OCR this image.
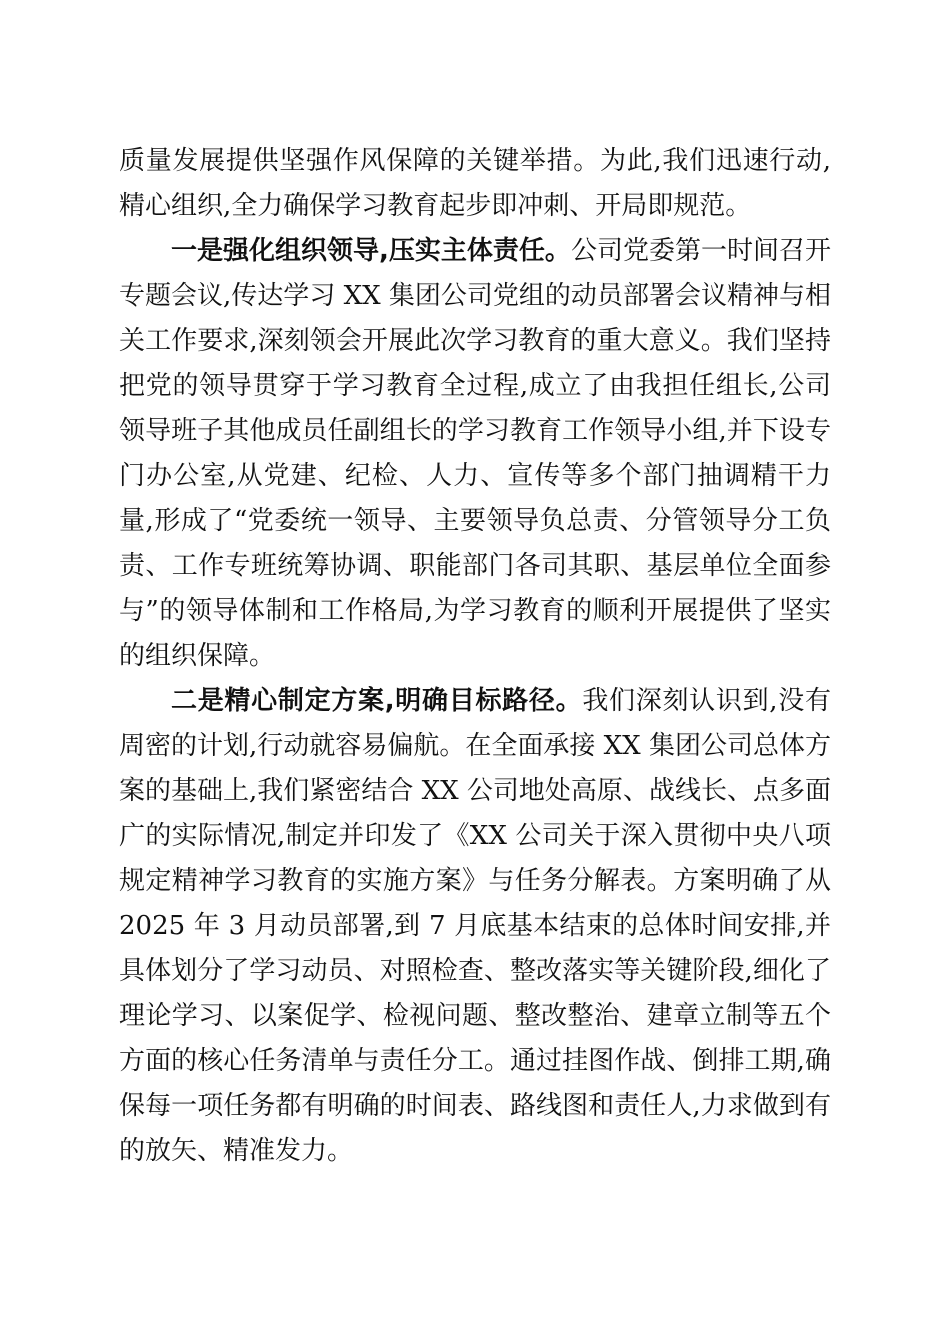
质量发展提供坚强作风保障的关键举措。为此,我们迅速行动,精心组织,全力确保学习教育起步即冲刺、开局即规范。

一是强化组织领导,压实主体责任。公司党委第一时间召开专题会议,传达学习 XX 集团公司党组的动员部署会议精神与相关工作要求,深刻领会开展此次学习教育的重大意义。我们坚持把党的领导贯穿于学习教育全过程,成立了由我担任组长,公司领导班子其他成员任副组长的学习教育工作领导小组,并下设专门办公室,从党建、纪检、人力、宣传等多个部门抽调精干力量,形成了“党委统一领导、主要领导负总责、分管领导分工负责、工作专班统筹协调、职能部门各司其职、基层单位全面参与”的领导体制和工作格局,为学习教育的顺利开展提供了坚实的组织保障。

二是精心制定方案,明确目标路径。我们深刻认识到,没有周密的计划,行动就容易偏航。在全面承接 XX 集团公司总体方案的基础上,我们紧密结合 XX 公司地处高原、战线长、点多面广的实际情况,制定并印发了《XX 公司关于深入贯彻中央八项规定精神学习教育的实施方案》与任务分解表。方案明确了从 2025 年 3 月动员部署,到 7 月底基本结束的总体时间安排,并具体划分了学习动员、对照检查、整改落实等关键阶段,细化了理论学习、以案促学、检视问题、整改整治、建章立制等五个方面的核心任务清单与责任分工。通过挂图作战、倒排工期,确保每一项任务都有明确的时间表、路线图和责任人,力求做到有的放矢、精准发力。
